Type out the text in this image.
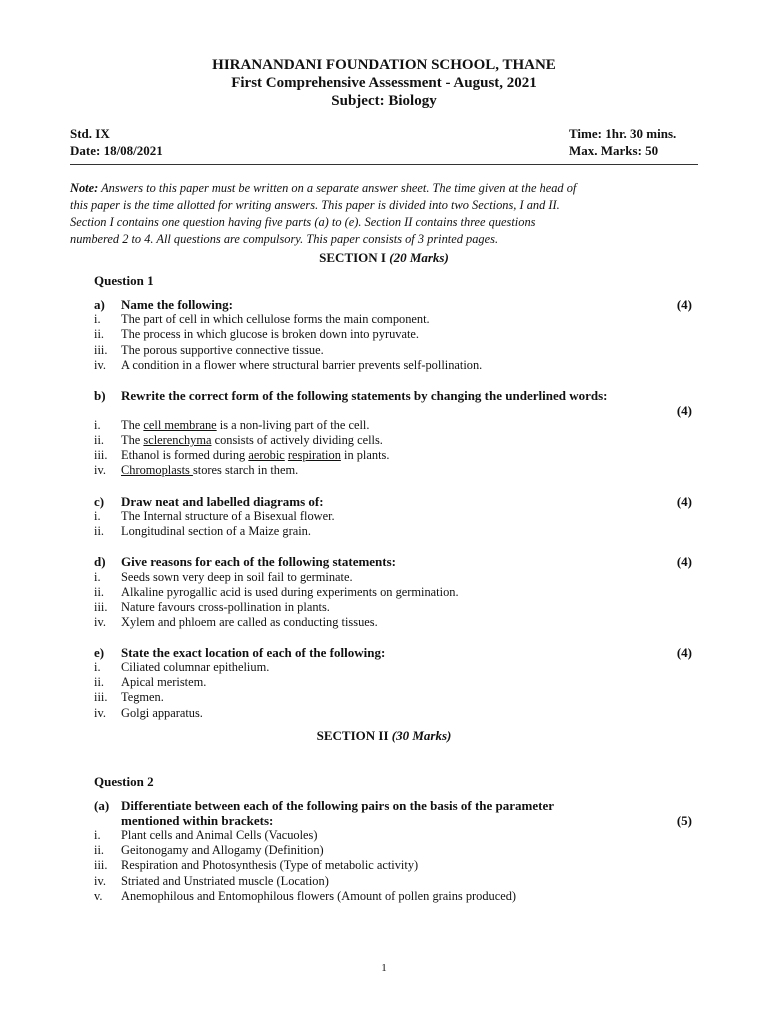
HIRANANDANI FOUNDATION SCHOOL, THANE
First Comprehensive Assessment - August, 2021
Subject: Biology
Std. IX
Date: 18/08/2021
Time: 1hr. 30 mins.
Max. Marks: 50
Note: Answers to this paper must be written on a separate answer sheet. The time given at the head of
this paper is the time allotted for writing answers. This paper is divided into two Sections, I and II.
Section I contains one question having five parts (a) to (e). Section II contains three questions
numbered 2 to 4. All questions are compulsory. This paper consists of 3 printed pages.
SECTION I (20 Marks)
Question 1
a) Name the following:	(4)
i. The part of cell in which cellulose forms the main component.
ii. The process in which glucose is broken down into pyruvate.
iii. The porous supportive connective tissue.
iv. A condition in a flower where structural barrier prevents self-pollination.
b) Rewrite the correct form of the following statements by changing the underlined words:
(4)
i. The cell membrane is a non-living part of the cell.
ii. The sclerenchyma consists of actively dividing cells.
iii. Ethanol is formed during aerobic respiration in plants.
iv. Chromoplasts stores starch in them.
c) Draw neat and labelled diagrams of:	(4)
i. The Internal structure of a Bisexual flower.
ii. Longitudinal section of a Maize grain.
d) Give reasons for each of the following statements:	(4)
i. Seeds sown very deep in soil fail to germinate.
ii. Alkaline pyrogallic acid is used during experiments on germination.
iii. Nature favours cross-pollination in plants.
iv. Xylem and phloem are called as conducting tissues.
e) State the exact location of each of the following:	(4)
i. Ciliated columnar epithelium.
ii. Apical meristem.
iii. Tegmen.
iv. Golgi apparatus.
SECTION II (30 Marks)
Question 2
(a) Differentiate between each of the following pairs on the basis of the parameter
mentioned within brackets:	(5)
i. Plant cells and Animal Cells (Vacuoles)
ii. Geitonogamy and Allogamy (Definition)
iii. Respiration and Photosynthesis (Type of metabolic activity)
iv. Striated and Unstriated muscle (Location)
v. Anemophilous and Entomophilous flowers (Amount of pollen grains produced)
1
